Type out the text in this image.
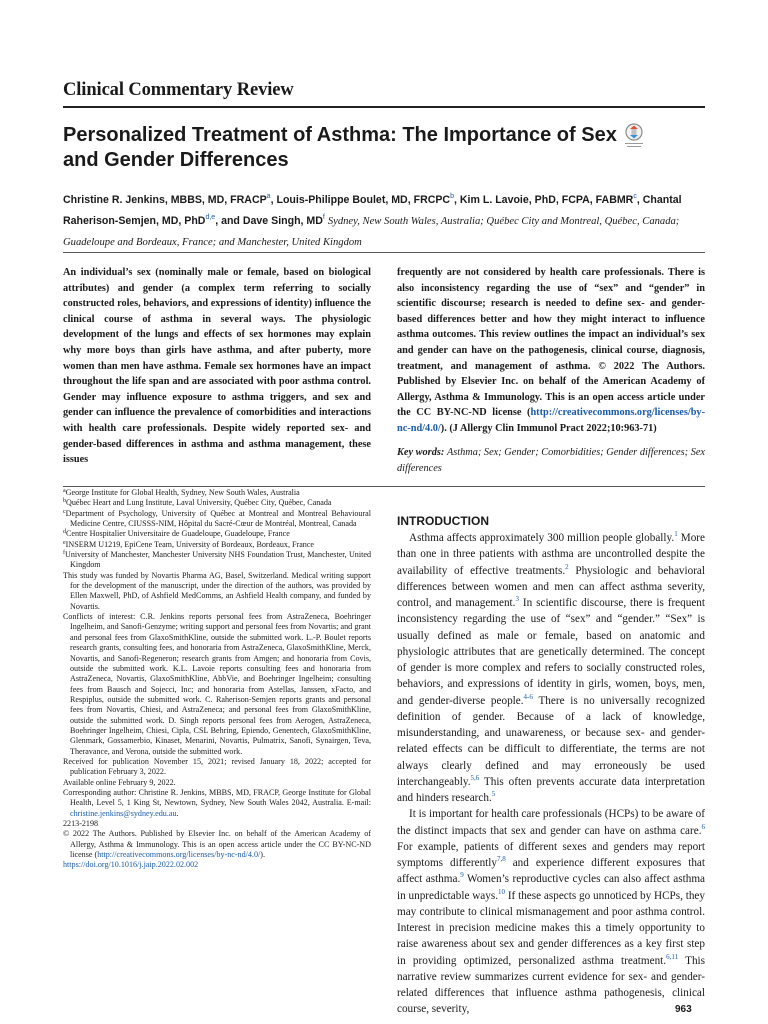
Clinical Commentary Review
Personalized Treatment of Asthma: The Importance of Sex and Gender Differences

Christine R. Jenkins, MBBS, MD, FRACP$^a$, Louis-Philippe Boulet, MD, FRCPC$^b$, Kim L. Lavoie, PhD, FCPA, FABMR$^c$, Chantal Raherison-Semjen, MD, PhD$^{d,e}$, and Dave Singh, $MD^f$ Sydney, New South Wales, Australia; Québec City and Montreal, Québec, Canada; Guadeloupe and Bordeaux, France; and Manchester, United Kingdom

An individual’s sex (nominally male or female, based on biological attributes) and gender (a complex term referring to socially constructed roles, behaviors, and expressions of identity) influence the clinical course of asthma in several ways. The physiologic development of the lungs and effects of sex hormones may explain why more boys than girls have asthma, and after puberty, more women than men have asthma. Female sex hormones have an impact throughout the life span and are associated with poor asthma control. Gender may influence exposure to asthma triggers, and sex and gender can influence the prevalence of comorbidities and interactions with health care professionals. Despite widely reported sex- and gender-based differences in asthma and asthma management, these issues

frequently are not considered by health care professionals. There is also inconsistency regarding the use of “sex” and “gender” in scientific discourse; research is needed to define sex- and gender-based differences better and how they might interact to influence asthma outcomes. This review outlines the impact an individual’s sex and gender can have on the pathogenesis, clinical course, diagnosis, treatment, and management of asthma. © 2022 The Authors. Published by Elsevier Inc. on behalf of the American Academy of Allergy, Asthma & Immunology. This is an open access article under the CC BY-NC-ND license (http://creativecommons.org/licenses/by-nc-nd/4.0/). (J Allergy Clin Immunol Pract 2022;10:963-71)

Key words: Asthma; Sex; Gender; Comorbidities; Gender differences; Sex differences

$^a$George Institute for Global Health, Sydney, New South Wales, Australia
$^b$Québec Heart and Lung Institute, Laval University, Québec City, Québec, Canada
$^c$Department of Psychology, University of Québec at Montreal and Montreal Behavioural Medicine Centre, CIUSSS-NIM, Hôpital du Sacré-Cœur de Montréal, Montreal, Canada
$^d$Centre Hospitalier Universitaire de Guadeloupe, Guadeloupe, France
$^e$INSERM U1219, EpiCene Team, University of Bordeaux, Bordeaux, France
$^f$University of Manchester, Manchester University NHS Foundation Trust, Manchester, United Kingdom
This study was funded by Novartis Pharma AG, Basel, Switzerland. Medical writing support for the development of the manuscript, under the direction of the authors, was provided by Ellen Maxwell, PhD, of Ashfield MedComms, an Ashfield Health company, and funded by Novartis.
Conflicts of interest: C.R. Jenkins reports personal fees from AstraZeneca, Boehringer Ingelheim, and Sanofi-Genzyme; writing support and personal fees from Novartis; and grant and personal fees from GlaxoSmithKline, outside the submitted work. L.-P. Boulet reports research grants, consulting fees, and honoraria from AstraZeneca, GlaxoSmithKline, Merck, Novartis, and Sanofi-Regeneron; research grants from Amgen; and honoraria from Covis, outside the submitted work. K.L. Lavoie reports consulting fees and honoraria from AstraZeneca, Novartis, GlaxoSmithKline, AbbVie, and Boehringer Ingelheim; consulting fees from Bausch and Sojecci, Inc; and honoraria from Astellas, Janssen, xFacto, and Respiplus, outside the submitted work. C. Raherison-Semjen reports grants and personal fees from Novartis, Chiesi, and AstraZeneca; and personal fees from GlaxoSmithKline, outside the submitted work. D. Singh reports personal fees from Aerogen, AstraZeneca, Boehringer Ingelheim, Chiesi, Cipla, CSL Behring, Epiendo, Genentech, GlaxoSmithKline, Glenmark, Gossamerbio, Kinaset, Menarini, Novartis, Pulmatrix, Sanofi, Synairgen, Teva, Theravance, and Verona, outside the submitted work.
Received for publication November 15, 2021; revised January 18, 2022; accepted for publication February 3, 2022.
Available online February 9, 2022.
Corresponding author: Christine R. Jenkins, MBBS, MD, FRACP, George Institute for Global Health, Level 5, 1 King St, Newtown, Sydney, New South Wales 2042, Australia. E-mail: christine.jenkins@sydney.edu.au.
2213-2198
© 2022 The Authors. Published by Elsevier Inc. on behalf of the American Academy of Allergy, Asthma & Immunology. This is an open access article under the CC BY-NC-ND license (http://creativecommons.org/licenses/by-nc-nd/4.0/).
https://doi.org/10.1016/j.jaip.2022.02.002
INTRODUCTION

Asthma affects approximately 300 million people globally.$^1$ More than one in three patients with asthma are uncontrolled despite the availability of effective treatments.$^2$ Physiologic and behavioral differences between women and men can affect asthma severity, control, and management.$^3$ In scientific discourse, there is frequent inconsistency regarding the use of “sex” and “gender.” “Sex” is usually defined as male or female, based on anatomic and physiologic attributes that are genetically determined. The concept of gender is more complex and refers to socially constructed roles, behaviors, and expressions of identity in girls, women, boys, men, and gender-diverse people.$^{4-6}$ There is no universally recognized definition of gender. Because of a lack of knowledge, misunderstanding, and unawareness, or because sex- and gender-related effects can be difficult to differentiate, the terms are not always clearly defined and may erroneously be used interchangeably.$^{5,6}$ This often prevents accurate data interpretation and hinders research.$^5$

It is important for health care professionals (HCPs) to be aware of the distinct impacts that sex and gender can have on asthma care.$^6$ For example, patients of different sexes and genders may report symptoms differently$^{7,8}$ and experience different exposures that affect asthma.$^9$ Women’s reproductive cycles can also affect asthma in unpredictable ways.$^{10}$ If these aspects go unnoticed by HCPs, they may contribute to clinical mismanagement and poor asthma control. Interest in precision medicine makes this a timely opportunity to raise awareness about sex and gender differences as a key first step in providing optimized, personalized asthma treatment.$^{6,11}$ This narrative review summarizes current evidence for sex- and gender-related differences that influence asthma pathogenesis, clinical course, severity,	963
